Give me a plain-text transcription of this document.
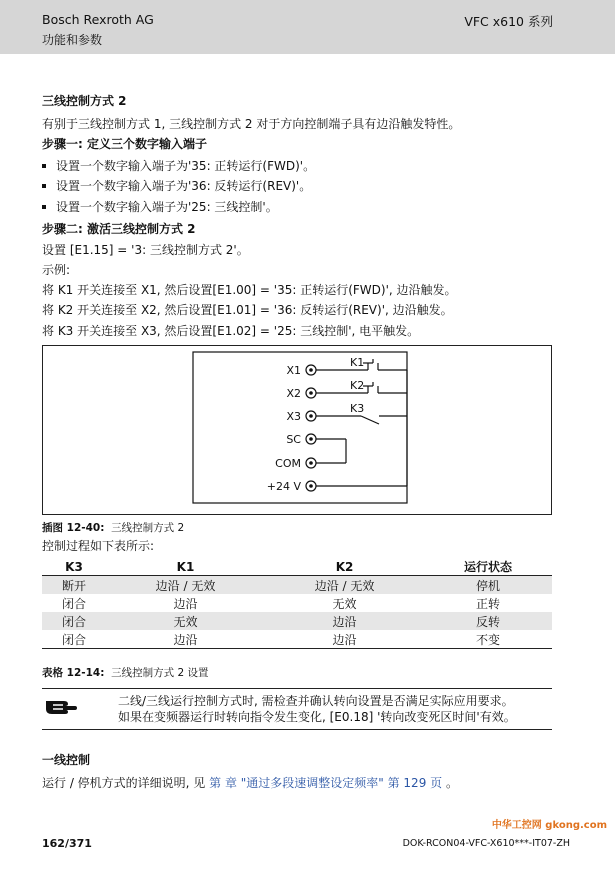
Bosch Rexroth AG
功能和参数
VFC x610 系列
三线控制方式 2
有别于三线控制方式 1, 三线控制方式 2 对于方向控制端子具有边沿触发特性。
步骤一: 定义三个数字输入端子
设置一个数字输入端子为'35: 正转运行(FWD)'。
设置一个数字输入端子为'36: 反转运行(REV)'。
设置一个数字输入端子为'25: 三线控制'。
步骤二: 激活三线控制方式 2
设置 [E1.15] = '3: 三线控制方式 2'。
示例:
将 K1 开关连接至 X1, 然后设置[E1.00] = '35: 正转运行(FWD)', 边沿触发。
将 K2 开关连接至 X2, 然后设置[E1.01] = '36: 反转运行(REV)', 边沿触发。
将 K3 开关连接至 X3, 然后设置[E1.02] = '25: 三线控制', 电平触发。
X1
X2
X3
SC
COM
+24 V
K1
K2
K3
插图 12-40: 三线控制方式 2
控制过程如下表所示:
K3	K1	K2	运行状态
断开	边沿 / 无效	边沿 / 无效	停机
闭合	边沿	无效	正转
闭合	无效	边沿	反转
闭合	边沿	边沿	不变
表格 12-14: 三线控制方式 2 设置
二线/三线运行控制方式时, 需检查并确认转向设置是否满足实际应用要求。
如果在变频器运行时转向指令发生变化, [E0.18] '转向改变死区时间'有效。
一线控制
运行 / 停机方式的详细说明, 见 第 章 "通过多段速调整设定频率" 第 129 页 。
162/371	DOK-RCON04-VFC-X610***-IT07-ZH
中华工控网 gkong.com
